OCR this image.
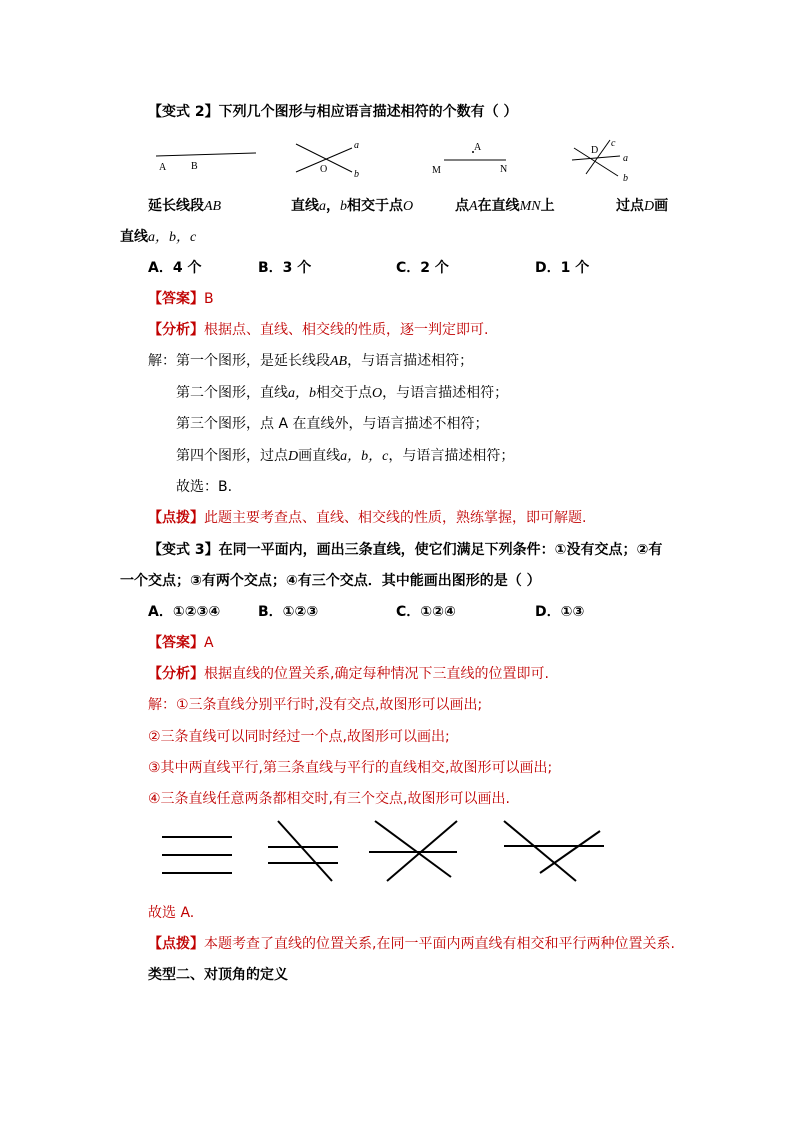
【变式 2】下列几个图形与相应语言描述相符的个数有（ ）
A B
a
O	b
A
M	N
D
c
a
b
延长线段AB	直线a，b相交于点O	点A在直线MN上	过点D画
直线a，b，c
A．4 个	B．3 个	C．2 个	D．1 个
【答案】B
【分析】根据点、直线、相交线的性质，逐一判定即可.
解：第一个图形，是延长线段AB，与语言描述相符；
第二个图形，直线a，b相交于点O，与语言描述相符；
第三个图形，点 A 在直线外，与语言描述不相符；
第四个图形，过点D画直线a，b，c，与语言描述相符；
故选：B.
【点拨】此题主要考查点、直线、相交线的性质，熟练掌握，即可解题.
【变式 3】在同一平面内，画出三条直线，使它们满足下列条件：①没有交点；②有
一个交点；③有两个交点；④有三个交点．其中能画出图形的是（ ）
A．①②③④	B．①②③	C．①②④	D．①③
【答案】A
【分析】根据直线的位置关系,确定每种情况下三直线的位置即可.
解：①三条直线分别平行时,没有交点,故图形可以画出;
②三条直线可以同时经过一个点,故图形可以画出;
③其中两直线平行,第三条直线与平行的直线相交,故图形可以画出;
④三条直线任意两条都相交时,有三个交点,故图形可以画出.
故选 A.
【点拨】本题考查了直线的位置关系,在同一平面内两直线有相交和平行两种位置关系.
类型二、对顶角的定义
